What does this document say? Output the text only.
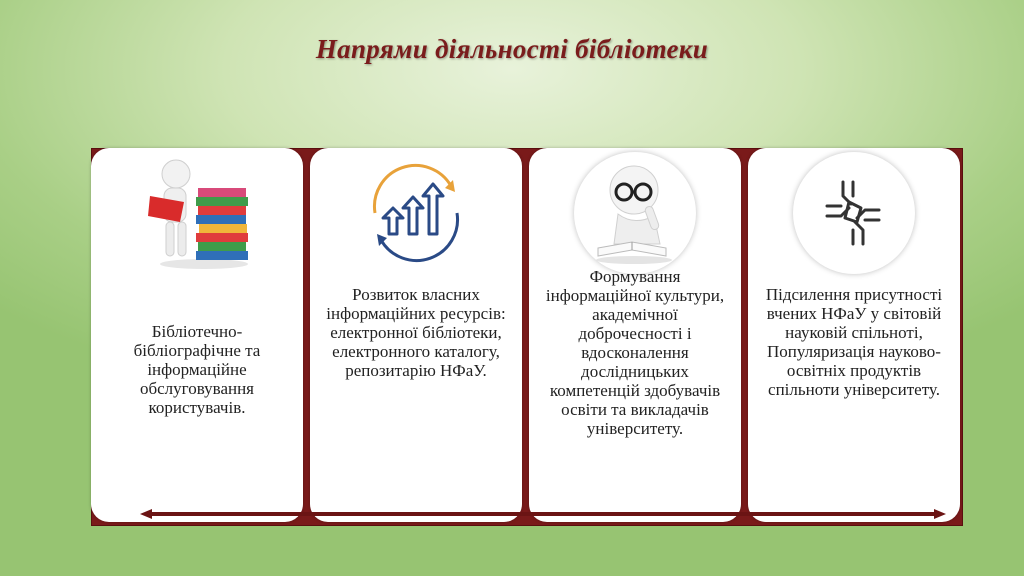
Напрями діяльності бібліотеки
Бібліотечно-бібліографічне та інформаційне обслуговування користувачів.
Розвиток власних інформаційних ресурсів: електронної бібліотеки, електронного каталогу, репозитарію НФаУ.
Формування інформаційної культури, академічної доброчесності і вдосконалення дослідницьких компетенцій здобувачів освіти та викладачів університету.
Підсилення присутності вчених НФаУ у світовій науковій спільноті, Популяризація науково-освітніх продуктів спільноти університету.
